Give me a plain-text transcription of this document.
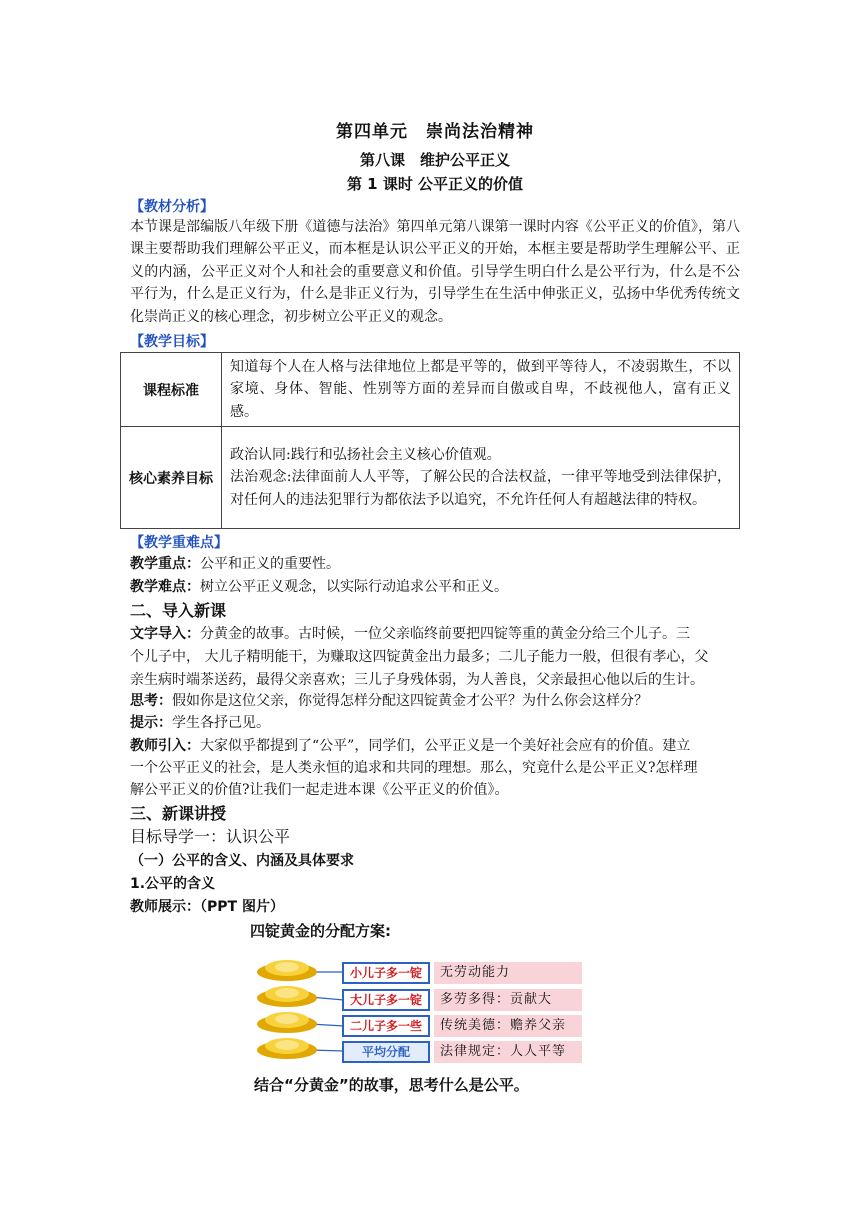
第四单元　崇尚法治精神
第八课　维护公平正义
第 1 课时 公平正义的价值
【教材分析】
本节课是部编版八年级下册《道德与法治》第四单元第八课第一课时内容《公平正义的价值》，第八课主要帮助我们理解公平正义，而本框是认识公平正义的开始，本框主要是帮助学生理解公平、正义的内涵，公平正义对个人和社会的重要意义和价值。引导学生明白什么是公平行为，什么是不公平行为，什么是正义行为，什么是非正义行为，引导学生在生活中伸张正义，弘扬中华优秀传统文化崇尚正义的核心理念，初步树立公平正义的观念。
【教学目标】
课程标准	知道每个人在人格与法律地位上都是平等的，做到平等待人，不凌弱欺生，不以家境、身体、智能、性别等方面的差异而自傲或自卑，不歧视他人，富有正义感。
核心素养目标	政治认同:践行和弘扬社会主义核心价值观。
法治观念:法律面前人人平等，了解公民的合法权益，一律平等地受到法律保护，对任何人的违法犯罪行为都依法予以追究，不允许任何人有超越法律的特权。
【教学重难点】
教学重点：公平和正义的重要性。
教学难点：树立公平正义观念，以实际行动追求公平和正义。
二、导入新课
文字导入：分黄金的故事。古时候，一位父亲临终前要把四锭等重的黄金分给三个儿子。三
个儿子中， 大儿子精明能干，为赚取这四锭黄金出力最多；二儿子能力一般，但很有孝心，父
亲生病时端茶送药，最得父亲喜欢；三儿子身残体弱，为人善良，父亲最担心他以后的生计。
思考：假如你是这位父亲，你觉得怎样分配这四锭黄金才公平？为什么你会这样分？
提示：学生各抒己见。
教师引入：大家似乎都提到了“公平”，同学们，公平正义是一个美好社会应有的价值。建立
一个公平正义的社会，是人类永恒的追求和共同的理想。那么，究竟什么是公平正义?怎样理
解公平正义的价值?让我们一起走进本课《公平正义的价值》。
三、新课讲授
目标导学一：认识公平
（一）公平的含义、内涵及具体要求
1.公平的含义
教师展示：（PPT 图片）
四锭黄金的分配方案:
小儿子多一锭
大儿子多一锭
二儿子多一些
平均分配
无劳动能力
多劳多得：贡献大
传统美德：赡养父亲
法律规定：人人平等
结合“分黄金”的故事，思考什么是公平。
